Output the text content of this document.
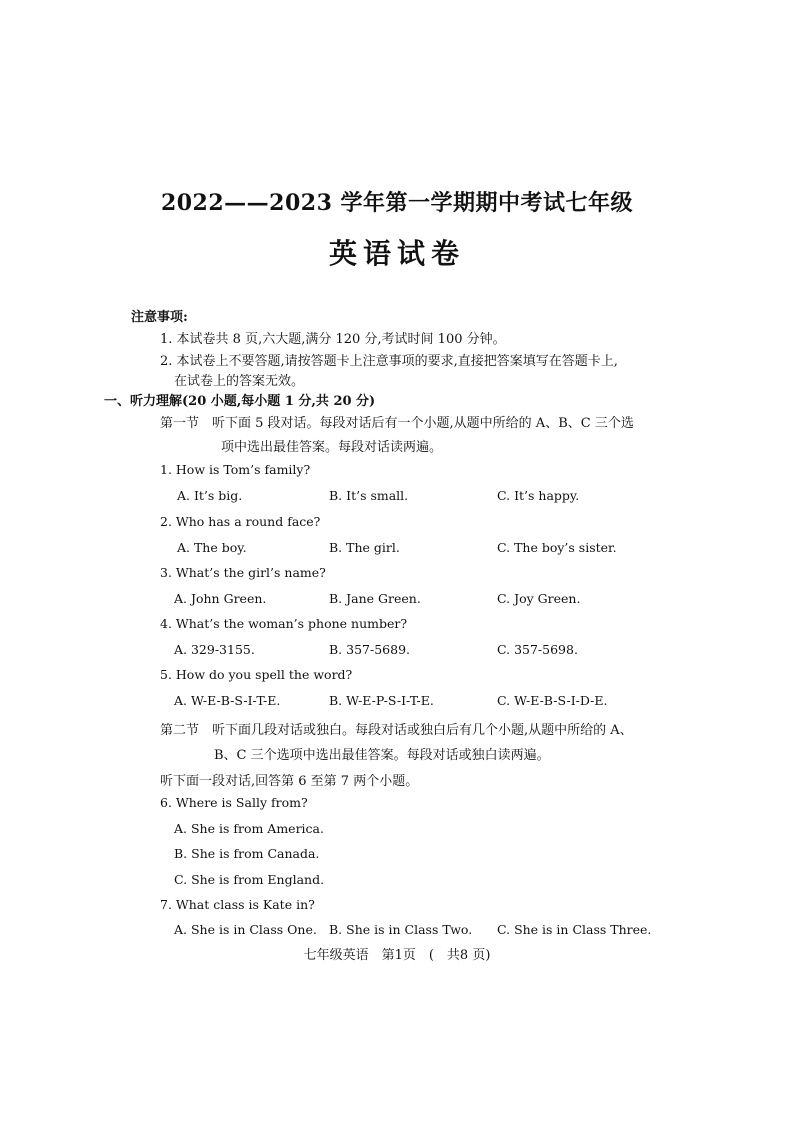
2022——2023 学年第一学期期中考试七年级
英语试卷
注意事项:
1. 本试卷共 8 页,六大题,满分 120 分,考试时间 100 分钟。
2. 本试卷上不要答题,请按答题卡上注意事项的要求,直接把答案填写在答题卡上,
在试卷上的答案无效。
一、听力理解(20 小题,每小题 1 分,共 20 分)
第一节　听下面 5 段对话。每段对话后有一个小题,从题中所给的 A、B、C 三个选
项中选出最佳答案。每段对话读两遍。
1. How is Tom’s family?
A. It’s big.	B. It’s small.	C. It’s happy.
2. Who has a round face?
A. The boy.	B. The girl.	C. The boy’s sister.
3. What’s the girl’s name?
A. John Green.	B. Jane Green.	C. Joy Green.
4. What’s the woman’s phone number?
A. 329-3155.	B. 357-5689.	C. 357-5698.
5. How do you spell the word?
A. W-E-B-S-I-T-E.	B. W-E-P-S-I-T-E.	C. W-E-B-S-I-D-E.
第二节　听下面几段对话或独白。每段对话或独白后有几个小题,从题中所给的 A、
B、C 三个选项中选出最佳答案。每段对话或独白读两遍。
听下面一段对话,回答第 6 至第 7 两个小题。
6. Where is Sally from?
A. She is from America.
B. She is from Canada.
C. She is from England.
7. What class is Kate in?
A. She is in Class One. B. She is in Class Two. C. She is in Class Three.
七年级英语　第1页　(　共8 页)
